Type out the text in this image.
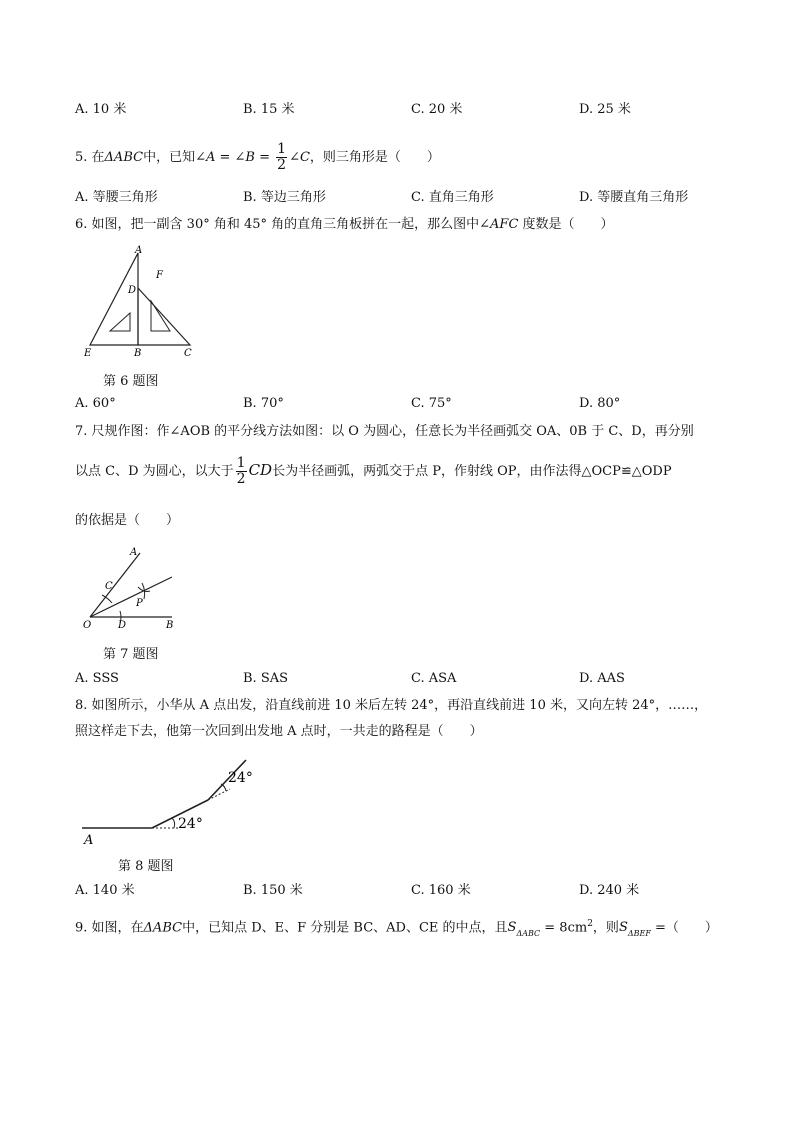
A. 10 米	B. 15 米	C. 20 米	D. 25 米
5. 在ΔABC中，已知∠A = ∠B = $\frac{1}{2}$ ∠C，则三角形是（　　）
A. 等腰三角形	B. 等边三角形	C. 直角三角形	D. 等腰直角三角形
6. 如图，把一副含 30° 角和 45° 角的直角三角板拼在一起，那么图中∠AFC 度数是（　　）
A
F
D
E	B	C
第 6 题图
A. 60°	B. 70°	C. 75°	D. 80°
7. 尺规作图：作∠AOB 的平分线方法如图：以 O 为圆心，任意长为半径画弧交 OA、0B 于 C、D，再分别
以点 C、D 为圆心，以大于 $\frac{1}{2}$ CD长为半径画弧，两弧交于点 P，作射线 OP，由作法得△OCP≌△ODP
的依据是（　　）
A
C
P
O	D	B
第 7 题图
A. SSS	B. SAS	C. ASA	D. AAS
8. 如图所示，小华从 A 点出发，沿直线前进 10 米后左转 24°，再沿直线前进 10 米，又向左转 24°，……，
照这样走下去，他第一次回到出发地 A 点时，一共走的路程是（　　）
24°
24°
A
第 8 题图
A. 140 米	B. 150 米	C. 160 米	D. 240 米
9. 如图，在ΔABC中，已知点 D、E、F 分别是 BC、AD、CE 的中点，且$S_{\Delta ABC} = 8cm^2$，则$S_{\Delta BEF}$ =（　　）
